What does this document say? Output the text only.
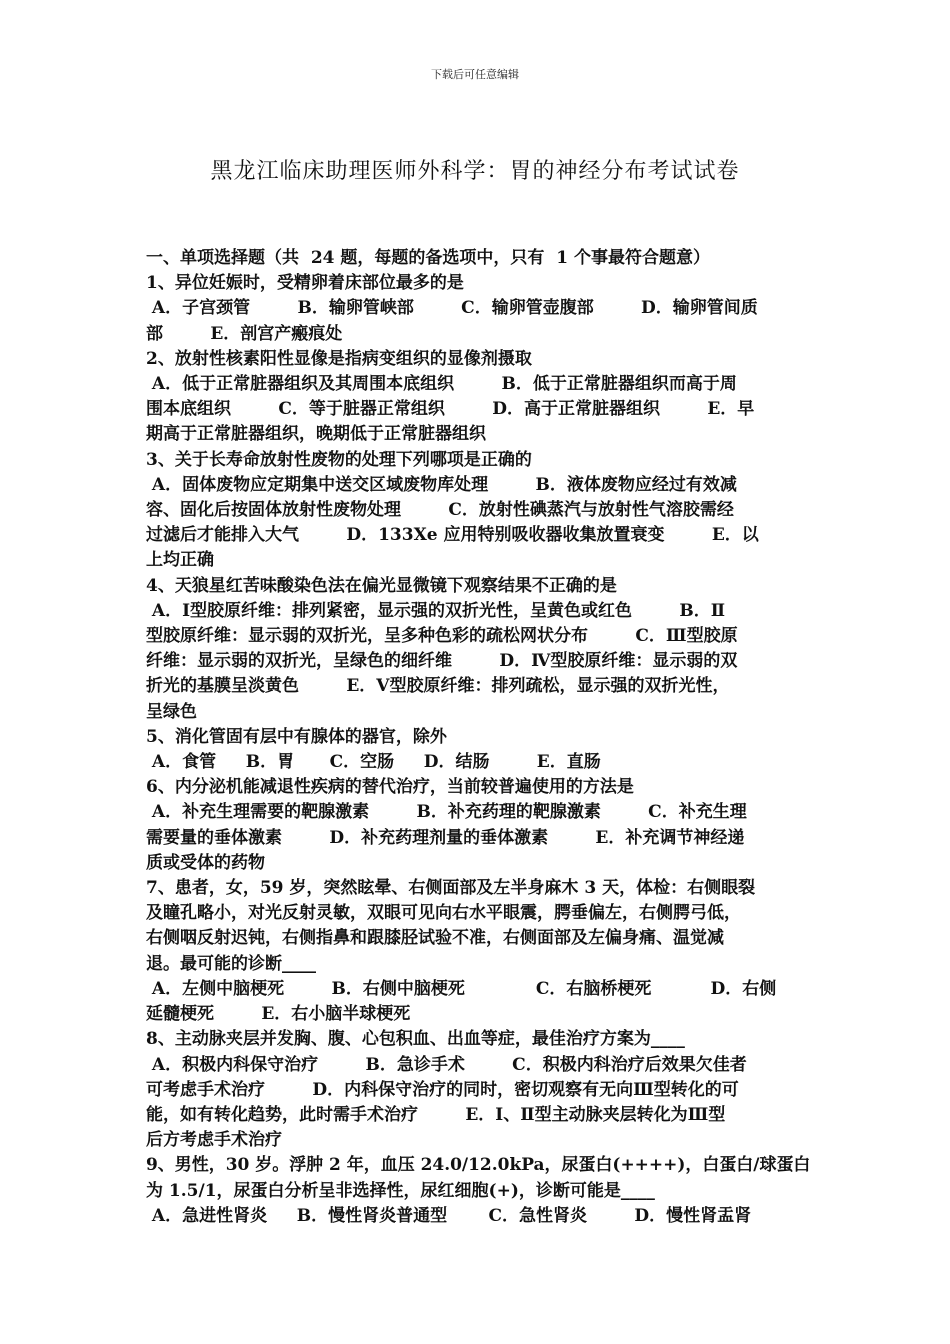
下载后可任意编辑
黑龙江临床助理医师外科学：胃的神经分布考试试卷
一、单项选择题（共  24 题，每题的备选项中，只有  1 个事最符合题意）
1、异位妊娠时，受精卵着床部位最多的是
A．子宫颈管        B．输卵管峡部        C．输卵管壶腹部        D．输卵管间质
部        E．剖宫产瘢痕处
2、放射性核素阳性显像是指病变组织的显像剂摄取
A．低于正常脏器组织及其周围本底组织        B．低于正常脏器组织而高于周
围本底组织        C．等于脏器正常组织        D．高于正常脏器组织        E．早
期高于正常脏器组织，晚期低于正常脏器组织
3、关于长寿命放射性废物的处理下列哪项是正确的
A．固体废物应定期集中送交区域废物库处理        B．液体废物应经过有效减
容、固化后按固体放射性废物处理        C．放射性碘蒸汽与放射性气溶胶需经
过滤后才能排入大气        D．133Xe 应用特别吸收器收集放置衰变        E．以
上均正确
4、天狼星红苦味酸染色法在偏光显微镜下观察结果不正确的是
A．Ⅰ型胶原纤维：排列紧密，显示强的双折光性，呈黄色或红色        B．Ⅱ
型胶原纤维：显示弱的双折光，呈多种色彩的疏松网状分布        C．Ⅲ型胶原
纤维：显示弱的双折光，呈绿色的细纤维        D．Ⅳ型胶原纤维：显示弱的双
折光的基膜呈淡黄色        E．Ⅴ型胶原纤维：排列疏松，显示强的双折光性，
呈绿色
5、消化管固有层中有腺体的器官，除外
A．食管     B．胃      C．空肠     D．结肠        E．直肠
6、内分泌机能减退性疾病的替代治疗，当前较普遍使用的方法是
A．补充生理需要的靶腺激素        B．补充药理的靶腺激素        C．补充生理
需要量的垂体激素        D．补充药理剂量的垂体激素        E．补充调节神经递
质或受体的药物
7、患者，女，59 岁，突然眩晕、右侧面部及左半身麻木 3 天，体检：右侧眼裂
及瞳孔略小，对光反射灵敏，双眼可见向右水平眼震，腭垂偏左，右侧腭弓低，
右侧咽反射迟钝，右侧指鼻和跟膝胫试验不准，右侧面部及左偏身痛、温觉减
退。最可能的诊断____
A．左侧中脑梗死        B．右侧中脑梗死            C．右脑桥梗死          D．右侧
延髓梗死        E．右小脑半球梗死
8、主动脉夹层并发胸、腹、心包积血、出血等症，最佳治疗方案为____
A．积极内科保守治疗        B．急诊手术        C．积极内科治疗后效果欠佳者
可考虑手术治疗        D．内科保守治疗的同时，密切观察有无向Ⅲ型转化的可
能，如有转化趋势，此时需手术治疗        E．Ⅰ、Ⅱ型主动脉夹层转化为Ⅲ型
后方考虑手术治疗
9、男性，30 岁。浮肿 2 年，血压 24.0/12.0kPa，尿蛋白(++++)，白蛋白/球蛋白
为 1.5/1，尿蛋白分析呈非选择性，尿红细胞(+)，诊断可能是____
A．急进性肾炎     B．慢性肾炎普通型       C．急性肾炎        D．慢性肾盂肾
